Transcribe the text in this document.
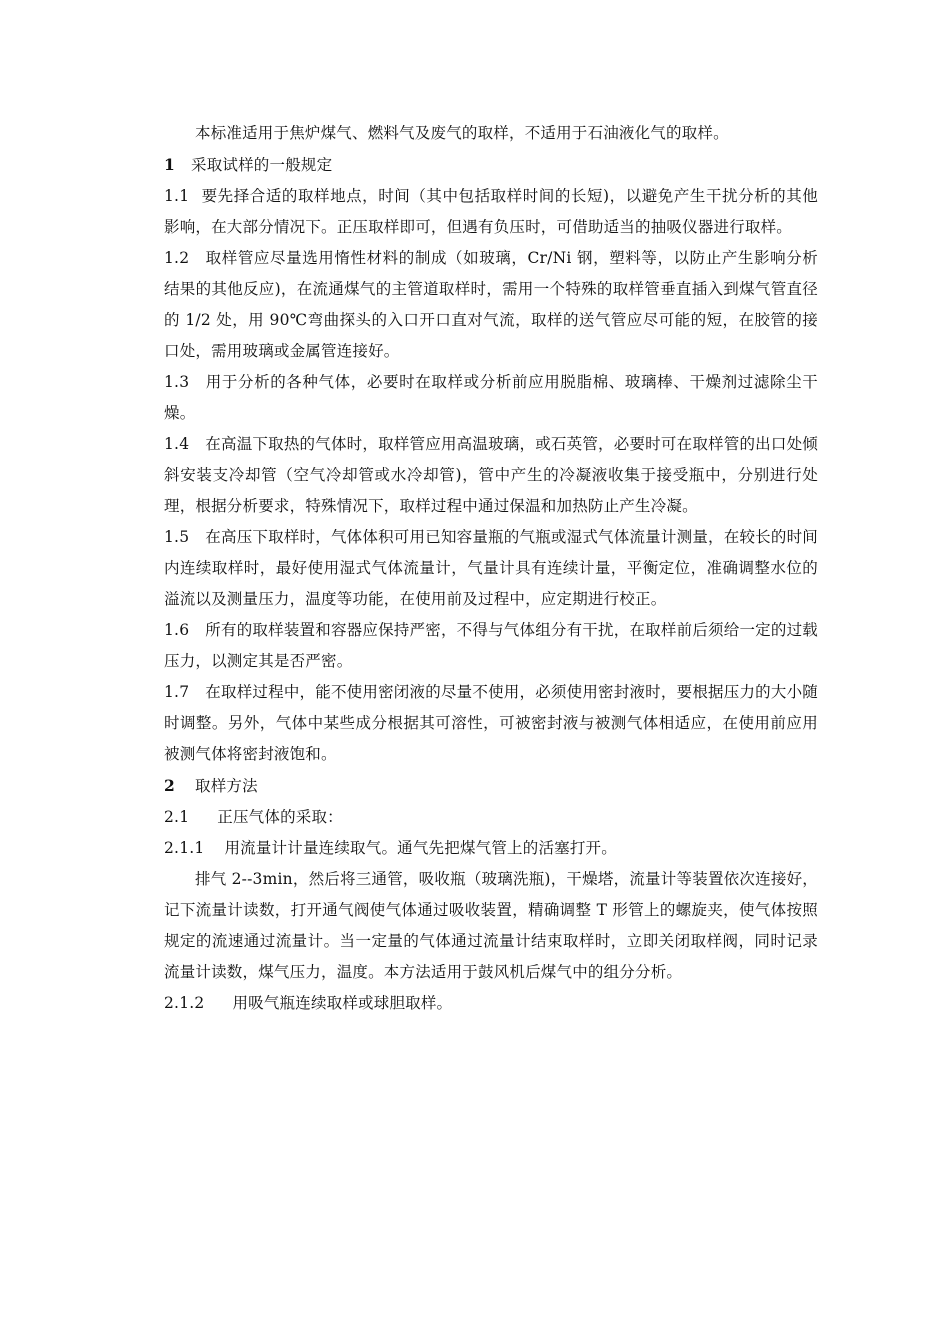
本标准适用于焦炉煤气、燃料气及废气的取样，不适用于石油液化气的取样。

1 采取试样的一般规定

1.1 要先择合适的取样地点，时间（其中包括取样时间的长短)，以避免产生干扰分析的其他影响，在大部分情况下。正压取样即可，但遇有负压时，可借助适当的抽吸仪器进行取样。

1.2 取样管应尽量选用惰性材料的制成（如玻璃，Cr/Ni 钢，塑料等，以防止产生影响分析结果的其他反应)，在流通煤气的主管道取样时，需用一个特殊的取样管垂直插入到煤气管直径的 1/2 处，用 90℃弯曲探头的入口开口直对气流，取样的送气管应尽可能的短，在胶管的接口处，需用玻璃或金属管连接好。

1.3 用于分析的各种气体，必要时在取样或分析前应用脱脂棉、玻璃棒、干燥剂过滤除尘干燥。

1.4 在高温下取热的气体时，取样管应用高温玻璃，或石英管，必要时可在取样管的出口处倾斜安装支冷却管（空气冷却管或水冷却管)，管中产生的冷凝液收集于接受瓶中，分别进行处理，根据分析要求，特殊情况下，取样过程中通过保温和加热防止产生冷凝。

1.5 在高压下取样时，气体体积可用已知容量瓶的气瓶或湿式气体流量计测量，在较长的时间内连续取样时，最好使用湿式气体流量计，气量计具有连续计量，平衡定位，准确调整水位的溢流以及测量压力，温度等功能，在使用前及过程中，应定期进行校正。

1.6 所有的取样装置和容器应保持严密，不得与气体组分有干扰，在取样前后须给一定的过载压力，以测定其是否严密。

1.7 在取样过程中，能不使用密闭液的尽量不使用，必须使用密封液时，要根据压力的大小随时调整。另外，气体中某些成分根据其可溶性，可被密封液与被测气体相适应，在使用前应用被测气体将密封液饱和。

2 取样方法

2.1 正压气体的采取：

2.1.1 用流量计计量连续取气。通气先把煤气管上的活塞打开。

排气 2--3min，然后将三通管，吸收瓶（玻璃洗瓶)，干燥塔，流量计等装置依次连接好，记下流量计读数，打开通气阀使气体通过吸收装置，精确调整 T 形管上的螺旋夹，使气体按照规定的流速通过流量计。当一定量的气体通过流量计结束取样时，立即关闭取样阀，同时记录流量计读数，煤气压力，温度。本方法适用于鼓风机后煤气中的组分分析。

2.1.2 用吸气瓶连续取样或球胆取样。
